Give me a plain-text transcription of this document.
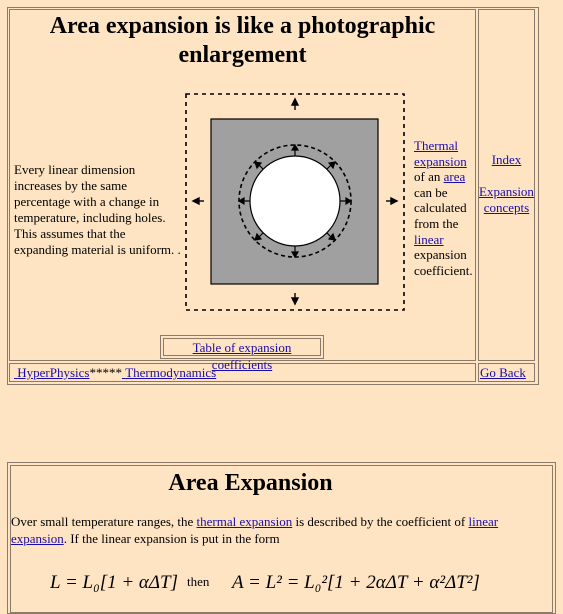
Area expansion is like a photographic enlargement
Every linear dimension increases by the same percentage with a change in temperature, including holes. This assumes that the expanding material is uniform. .
Thermal
expansion of an area can be calculated from the linear expansion coefficient.
Table of expansion coefficients
Index

Expansion
concepts
HyperPhysics***** Thermodynamics	Go Back
Area Expansion
Over small temperature ranges, the thermal expansion is described by the coefficient of linear expansion. If the linear expansion is put in the form
L = L₀[1 + αΔT] then A = L² = L₀²[1 + 2αΔT + α²ΔT²]
